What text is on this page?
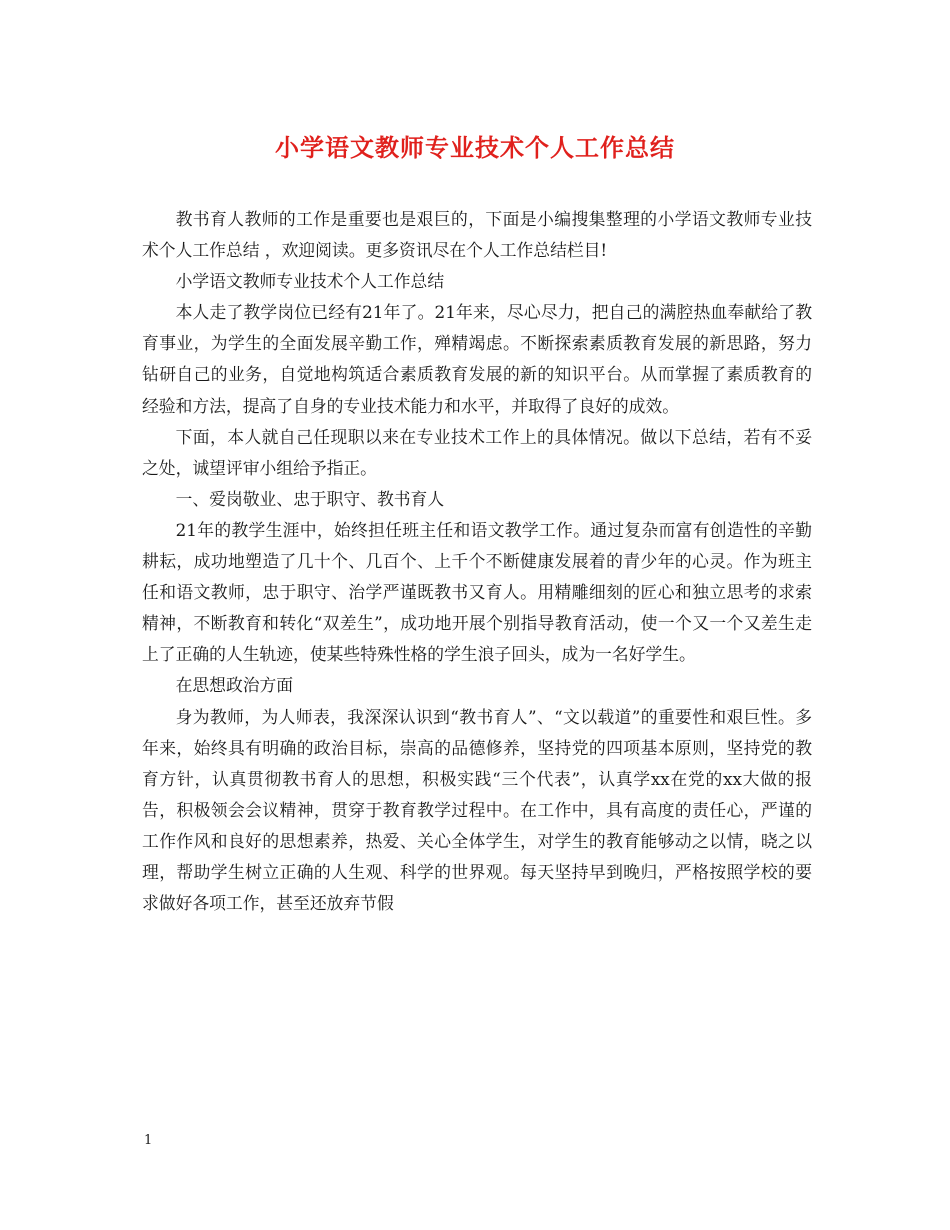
小学语文教师专业技术个人工作总结

教书育人教师的工作是重要也是艰巨的，下面是小编搜集整理的小学语文教师专业技术个人工作总结 ，欢迎阅读。更多资讯尽在个人工作总结栏目!

小学语文教师专业技术个人工作总结

本人走了教学岗位已经有21年了。21年来，尽心尽力，把自己的满腔热血奉献给了教育事业，为学生的全面发展辛勤工作，殚精竭虑。不断探索素质教育发展的新思路，努力钻研自己的业务，自觉地构筑适合素质教育发展的新的知识平台。从而掌握了素质教育的经验和方法，提高了自身的专业技术能力和水平，并取得了良好的成效。

下面，本人就自己任现职以来在专业技术工作上的具体情况。做以下总结，若有不妥之处，诚望评审小组给予指正。

一、爱岗敬业、忠于职守、教书育人

21年的教学生涯中，始终担任班主任和语文教学工作。通过复杂而富有创造性的辛勤耕耘，成功地塑造了几十个、几百个、上千个不断健康发展着的青少年的心灵。作为班主任和语文教师，忠于职守、治学严谨既教书又育人。用精雕细刻的匠心和独立思考的求索精神，不断教育和转化“双差生”，成功地开展个别指导教育活动，使一个又一个又差生走上了正确的人生轨迹，使某些特殊性格的学生浪子回头，成为一名好学生。

在思想政治方面

身为教师，为人师表，我深深认识到“教书育人”、“文以载道”的重要性和艰巨性。多年来，始终具有明确的政治目标，崇高的品德修养，坚持党的四项基本原则，坚持党的教育方针，认真贯彻教书育人的思想，积极实践“三个代表”，认真学xx在党的xx大做的报告，积极领会会议精神，贯穿于教育教学过程中。在工作中，具有高度的责任心，严谨的工作作风和良好的思想素养，热爱、关心全体学生，对学生的教育能够动之以情，晓之以理，帮助学生树立正确的人生观、科学的世界观。每天坚持早到晚归，严格按照学校的要求做好各项工作，甚至还放弃节假

1
